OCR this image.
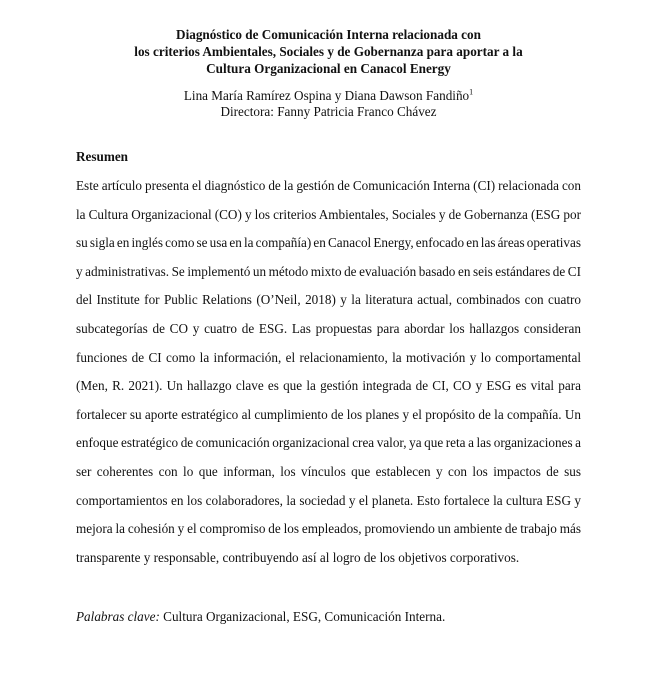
Diagnóstico de Comunicación Interna relacionada con
los criterios Ambientales, Sociales y de Gobernanza para aportar a la
Cultura Organizacional en Canacol Energy
Lina María Ramírez Ospina y Diana Dawson Fandiño$^1$
Directora: Fanny Patricia Franco Chávez
Resumen
Este artículo presenta el diagnóstico de la gestión de Comunicación Interna (CI) relacionada con
la Cultura Organizacional (CO) y los criterios Ambientales, Sociales y de Gobernanza (ESG por
su sigla en inglés como se usa en la compañía) en Canacol Energy, enfocado en las áreas operativas
y administrativas. Se implementó un método mixto de evaluación basado en seis estándares de CI
del Institute for Public Relations (O’Neil, 2018) y la literatura actual, combinados con cuatro
subcategorías de CO y cuatro de ESG. Las propuestas para abordar los hallazgos consideran
funciones de CI como la información, el relacionamiento, la motivación y lo comportamental
(Men, R. 2021). Un hallazgo clave es que la gestión integrada de CI, CO y ESG es vital para
fortalecer su aporte estratégico al cumplimiento de los planes y el propósito de la compañía. Un
enfoque estratégico de comunicación organizacional crea valor, ya que reta a las organizaciones a
ser coherentes con lo que informan, los vínculos que establecen y con los impactos de sus
comportamientos en los colaboradores, la sociedad y el planeta. Esto fortalece la cultura ESG y
mejora la cohesión y el compromiso de los empleados, promoviendo un ambiente de trabajo más
transparente y responsable, contribuyendo así al logro de los objetivos corporativos.
Palabras clave: Cultura Organizacional, ESG, Comunicación Interna.
